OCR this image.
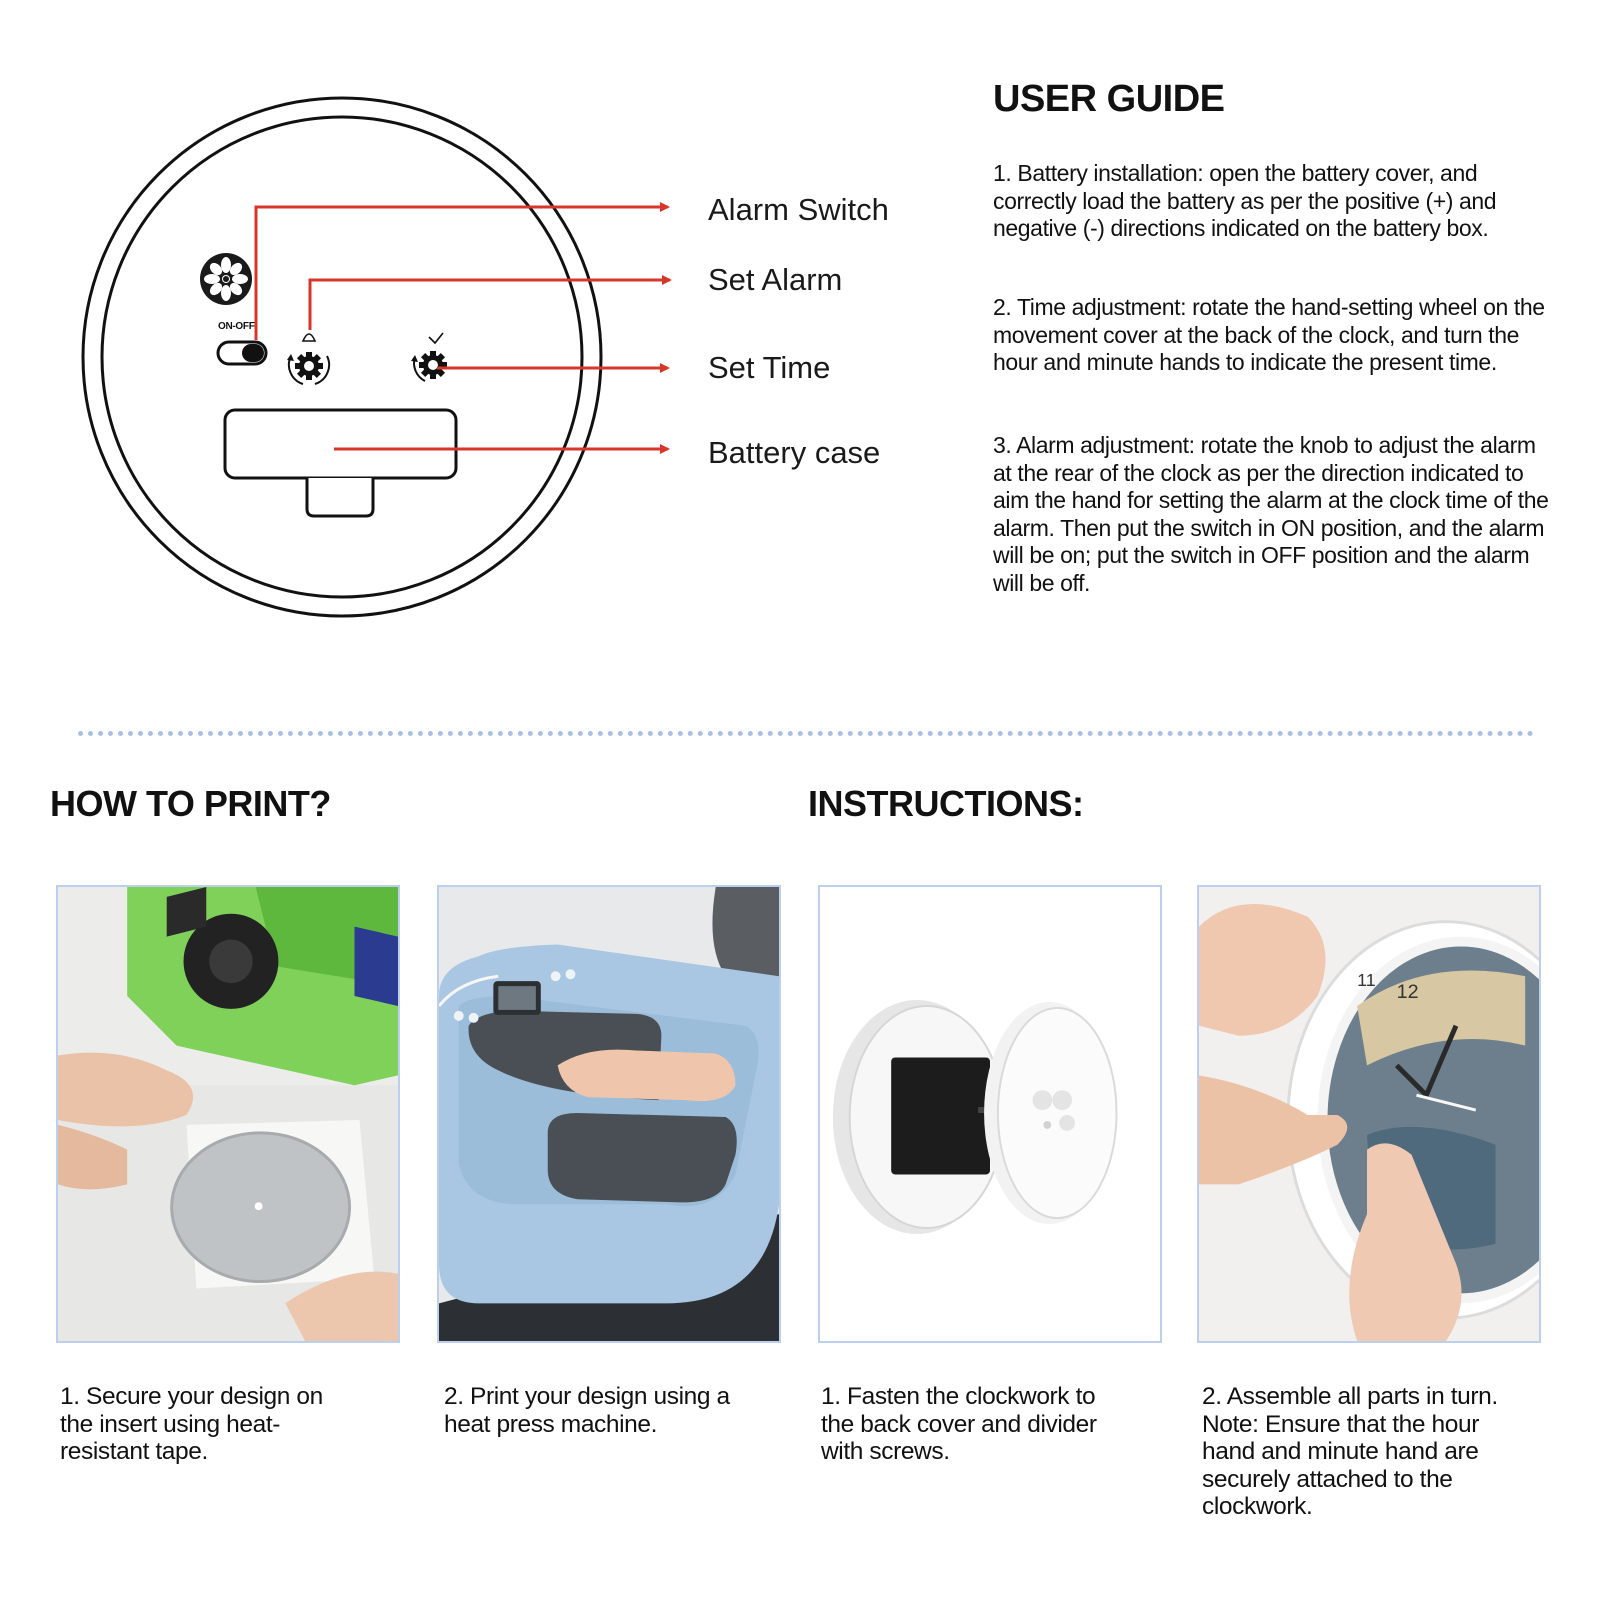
ON-OFF
Alarm Switch
Set Alarm
Set Time
Battery case
USER GUIDE
1. Battery installation: open the battery cover, and correctly load the battery as per the positive (+) and negative (-) directions indicated on the battery box.
2. Time adjustment: rotate the hand-setting wheel on the movement cover at the back of the clock, and turn the hour and minute hands to indicate the present time.
3. Alarm adjustment: rotate the knob to adjust the alarm at the rear of the clock as per the direction indicated to aim the hand for setting the alarm at the clock time of the alarm. Then put the switch in ON position, and the alarm will be on; put the switch in OFF position and the alarm will be off.
HOW TO PRINT?	INSTRUCTIONS:
11
12
1. Secure your design on the insert using heat-resistant tape.
2. Print your design using a heat press machine.
1. Fasten the clockwork to the back cover and divider with screws.
2. Assemble all parts in turn. Note: Ensure that the hour hand and minute hand are securely attached to the clockwork.
